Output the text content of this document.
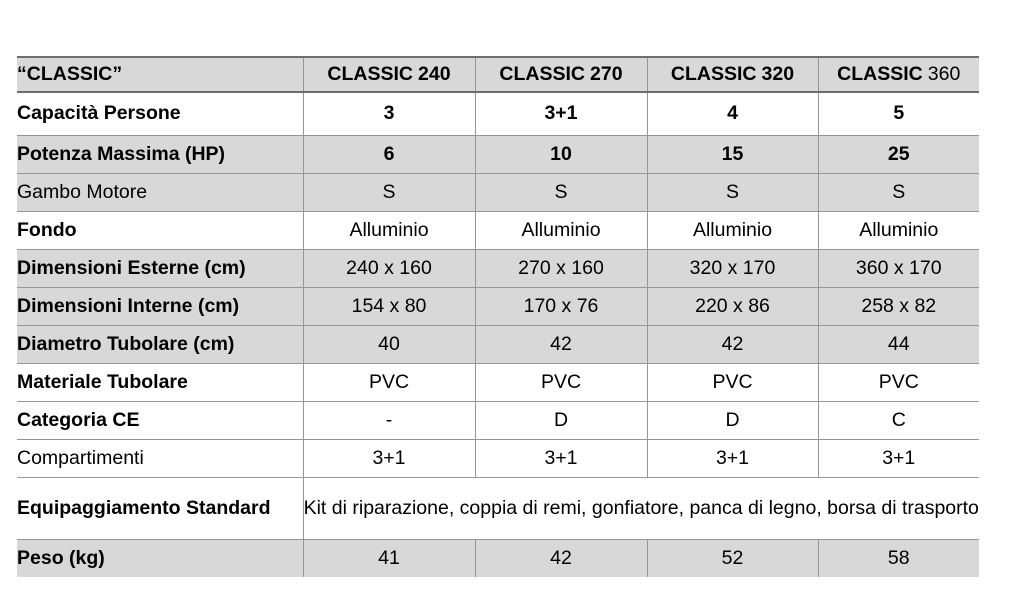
“CLASSIC”	CLASSIC 240	CLASSIC 270	CLASSIC 320	CLASSIC 360
Capacità Persone	3	3+1	4	5
Potenza Massima (HP)	6	10	15	25
Gambo Motore	S	S	S	S
Fondo	Alluminio	Alluminio	Alluminio	Alluminio
Dimensioni Esterne (cm)	240 x 160	270 x 160	320 x 170	360 x 170
Dimensioni Interne (cm)	154 x 80	170 x 76	220 x 86	258 x 82
Diametro Tubolare (cm)	40	42	42	44
Materiale Tubolare	PVC	PVC	PVC	PVC
Categoria CE	-	D	D	C
Compartimenti	3+1	3+1	3+1	3+1
Equipaggiamento Standard	Kit di riparazione, coppia di remi, gonfiatore, panca di legno, borsa di trasporto			
Peso (kg)	41	42	52	58
